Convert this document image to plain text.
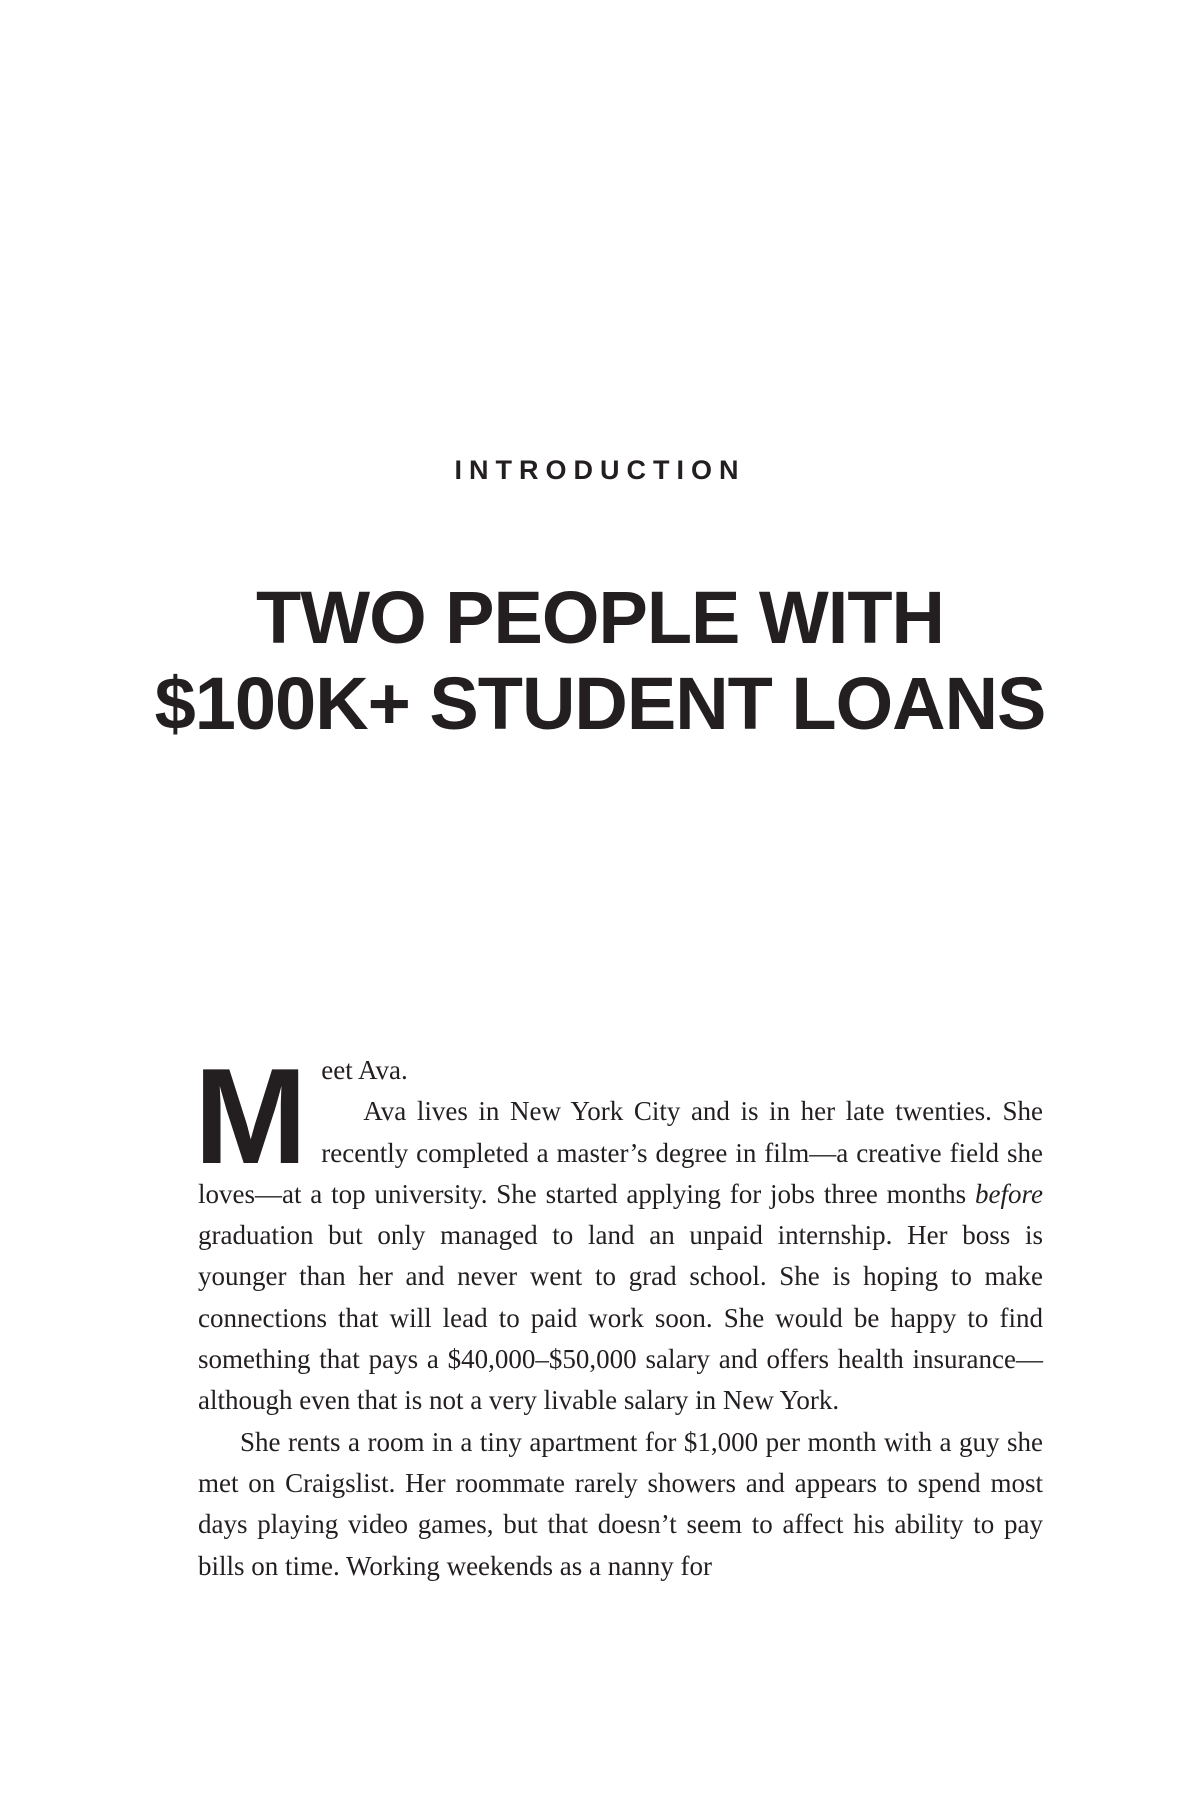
INTRODUCTION
TWO PEOPLE WITH
$100K+ STUDENT LOANS
M eet Ava.

Ava lives in New York City and is in her late twenties. She recently completed a master’s degree in film—a creative field she loves—at a top university. She started applying for jobs three months before graduation but only managed to land an unpaid internship. Her boss is younger than her and never went to grad school. She is hoping to make connections that will lead to paid work soon. She would be happy to find something that pays a $40,000–$50,000 salary and offers health insurance—although even that is not a very livable salary in New York.

She rents a room in a tiny apartment for $1,000 per month with a guy she met on Craigslist. Her roommate rarely showers and appears to spend most days playing video games, but that doesn’t seem to affect his ability to pay bills on time. Working weekends as a nanny for
